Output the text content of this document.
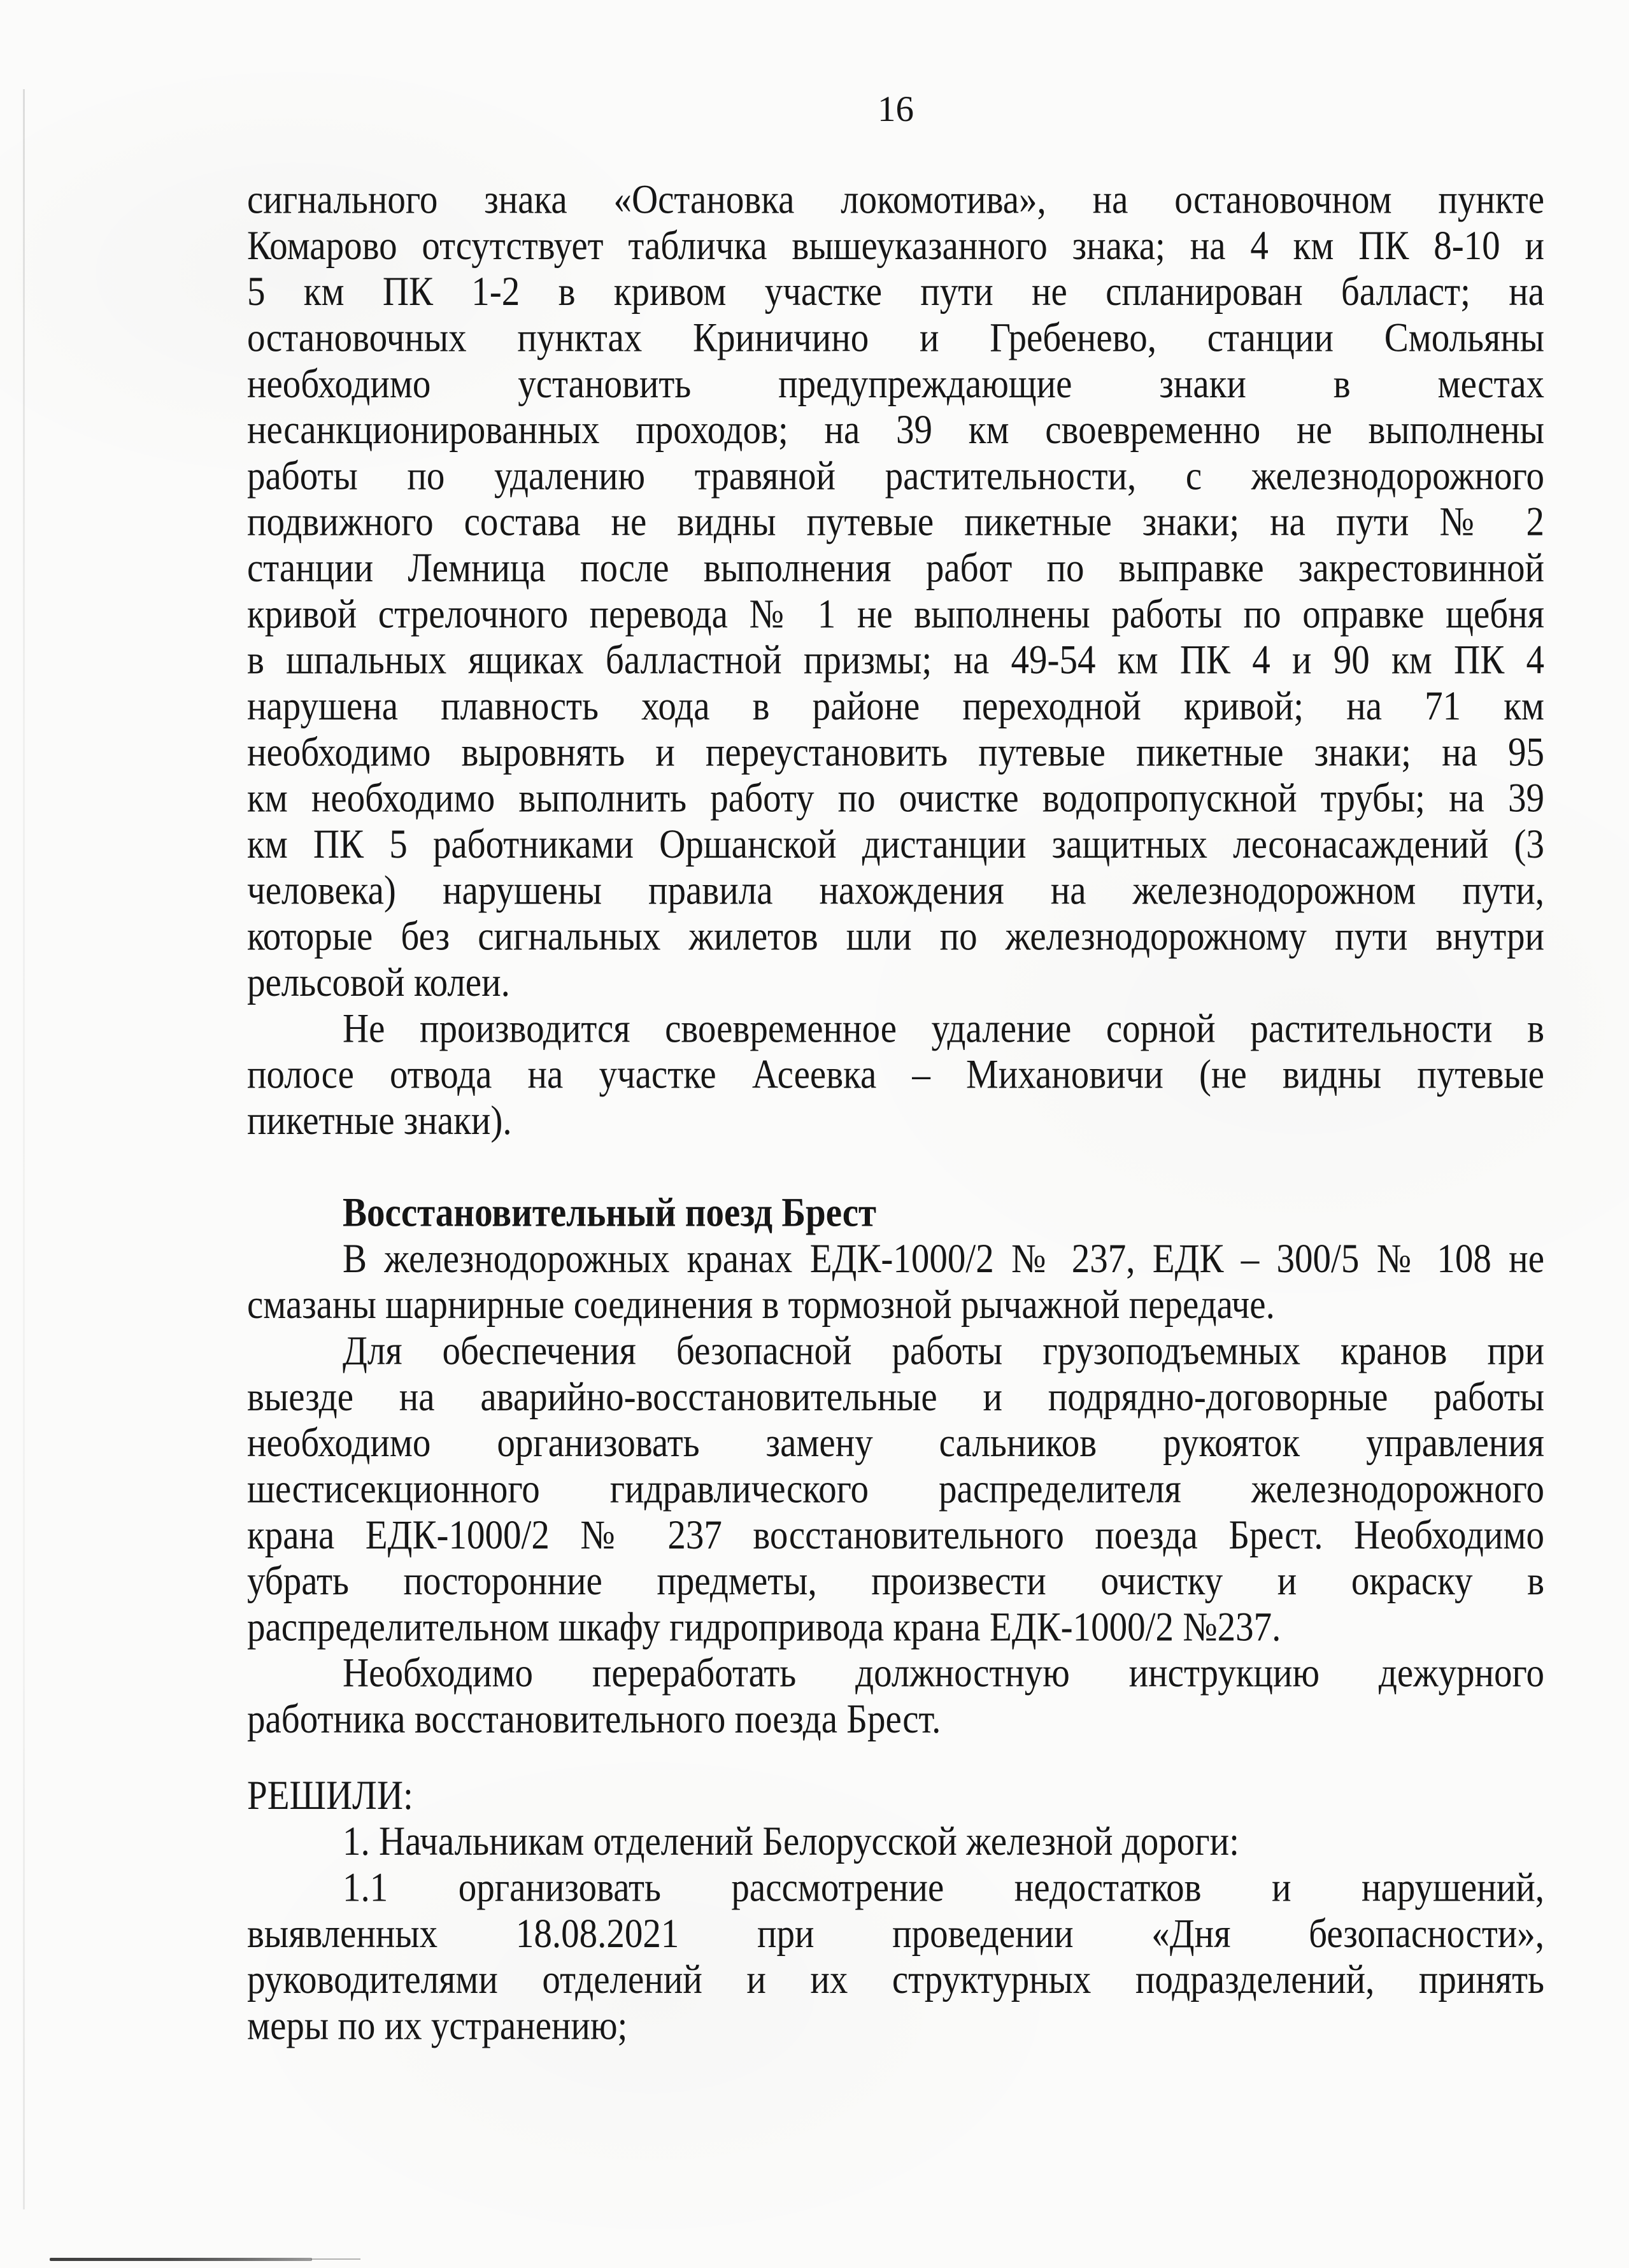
16
сигнального знака «Остановка локомотива», на остановочном пункте
Комарово отсутствует табличка вышеуказанного знака; на 4 км ПК 8-10 и
5 км ПК 1-2 в кривом участке пути не спланирован балласт; на
остановочных пунктах Криничино и Гребенево, станции Смольяны
необходимо установить предупреждающие знаки в местах
несанкционированных проходов; на 39 км своевременно не выполнены
работы по удалению травяной растительности, с железнодорожного
подвижного состава не видны путевые пикетные знаки; на пути № 2
станции Лемница после выполнения работ по выправке закрестовинной
кривой стрелочного перевода № 1 не выполнены работы по оправке щебня
в шпальных ящиках балластной призмы; на 49-54 км ПК 4 и 90 км ПК 4
нарушена плавность хода в районе переходной кривой; на 71 км
необходимо выровнять и переустановить путевые пикетные знаки; на 95
км необходимо выполнить работу по очистке водопропускной трубы; на 39
км ПК 5 работниками Оршанской дистанции защитных лесонасаждений (3
человека) нарушены правила нахождения на железнодорожном пути,
которые без сигнальных жилетов шли по железнодорожному пути внутри
рельсовой колеи.
Не производится своевременное удаление сорной растительности в
полосе отвода на участке Асеевка – Михановичи (не видны путевые
пикетные знаки).
Восстановительный поезд Брест
В железнодорожных кранах ЕДК-1000/2 № 237, ЕДК – 300/5 № 108 не
смазаны шарнирные соединения в тормозной рычажной передаче.
Для обеспечения безопасной работы грузоподъемных кранов при
выезде на аварийно-восстановительные и подрядно-договорные работы
необходимо организовать замену сальников рукояток управления
шестисекционного гидравлического распределителя железнодорожного
крана ЕДК-1000/2 № 237 восстановительного поезда Брест. Необходимо
убрать посторонние предметы, произвести очистку и окраску в
распределительном шкафу гидропривода крана ЕДК-1000/2 №237.
Необходимо переработать должностную инструкцию дежурного
работника восстановительного поезда Брест.
РЕШИЛИ:
1. Начальникам отделений Белорусской железной дороги:
1.1 организовать рассмотрение недостатков и нарушений,
выявленных 18.08.2021 при проведении «Дня безопасности»,
руководителями отделений и их структурных подразделений, принять
меры по их устранению;
